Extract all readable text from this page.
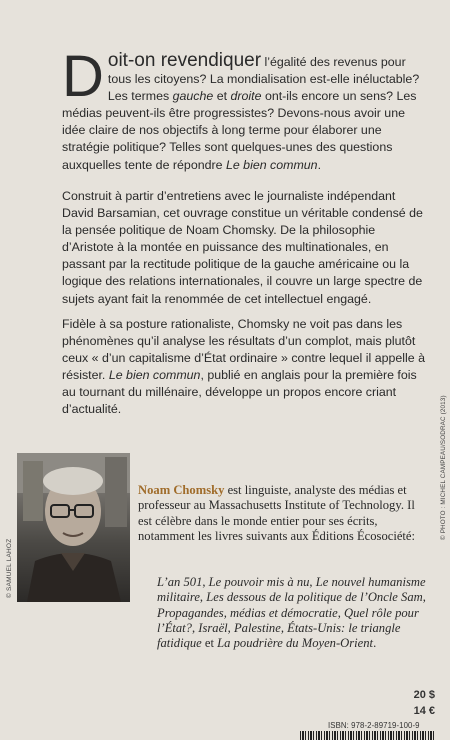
Doit-on revendiquer l’égalité des revenus pour tous les citoyens? La mondialisation est-elle inéluctable? Les termes gauche et droite ont-ils encore un sens? Les médias peuvent-ils être progressistes? Devons-nous avoir une idée claire de nos objectifs à long terme pour élaborer une stratégie politique? Telles sont quelques-unes des questions auxquelles tente de répondre Le bien commun.

Construit à partir d’entretiens avec le journaliste indépendant David Barsamian, cet ouvrage constitue un véritable condensé de la pensée politique de Noam Chomsky. De la philosophie d’Aristote à la montée en puissance des multinationales, en passant par la rectitude politique de la gauche américaine ou la logique des relations internationales, il couvre un large spectre de sujets ayant fait la renommée de cet intellectuel engagé.

Fidèle à sa posture rationaliste, Chomsky ne voit pas dans les phénomènes qu’il analyse les résultats d’un complot, mais plutôt ceux « d’un capitalisme d’État ordinaire » contre lequel il appelle à résister. Le bien commun, publié en anglais pour la première fois au tournant du millénaire, développe un propos encore criant d’actualité.

© SAMUEL LAHOZ

Noam Chomsky est linguiste, analyste des médias et professeur au Massachusetts Institute of Technology. Il est célèbre dans le monde entier pour ses écrits, notamment les livres suivants aux Éditions Écosociété:

L’an 501, Le pouvoir mis à nu, Le nouvel humanisme militaire, Les dessous de la politique de l’Oncle Sam, Propagandes, médias et démocratie, Quel rôle pour l’État?, Israël, Palestine, États-Unis: le triangle fatidique et La poudrière du Moyen-Orient.

© PHOTO : MICHEL CAMPEAU/SODRAC (2013)
20 $
14 €
ISBN: 978-2-89719-100-9
